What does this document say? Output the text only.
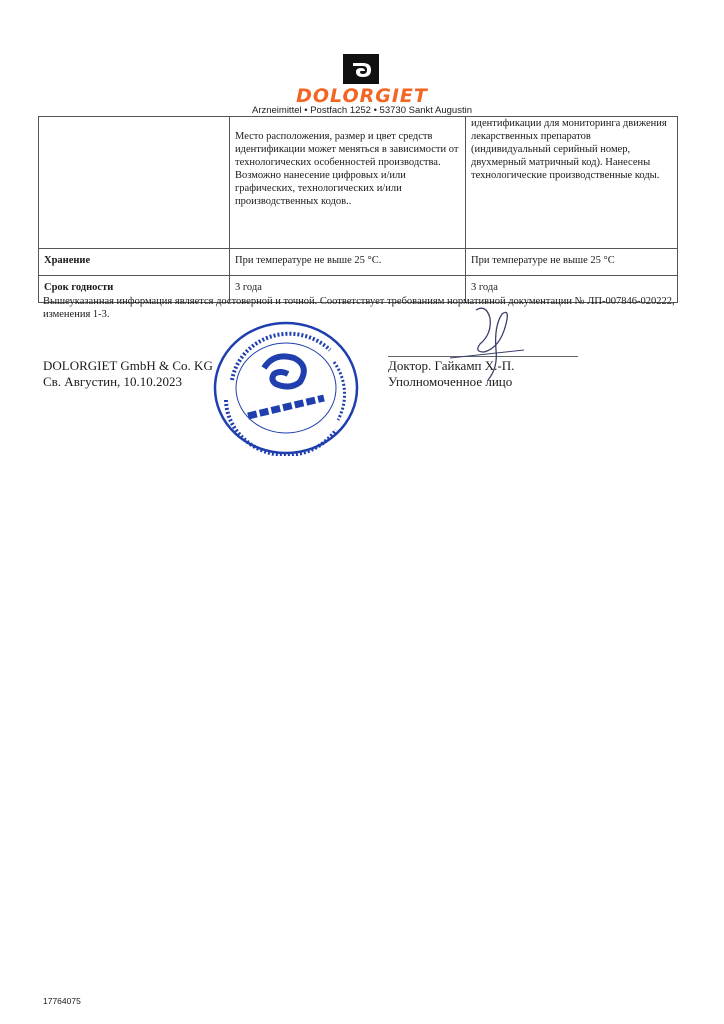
DOLORGIET
Arzneimittel • Postfach 1252 • 53730 Sankt Augustin

	Место расположения, размер и цвет средств идентификации может меняться в зависимости от технологических особенностей производства.
Возможно нанесение цифровых и/или графических, технологических и/или производственных кодов..	идентификации для мониторинга движения лекарственных препаратов (индивидуальный серийный номер, двухмерный матричный код). Нанесены технологические производственные коды.
Хранение	При температуре не выше 25 °С.	При температуре не выше 25 °С
Срок годности	3 года	3 года
Вышеуказанная информация является достоверной и точной. Соответствует требованиям нормативной документации № ЛП-007846-020222, изменения 1-3.
DOLORGIET GmbH & Co. KG
Св. Августин, 10.10.2023
Доктор. Гайкамп Х.-П.
Уполномоченное лицо
17764075
